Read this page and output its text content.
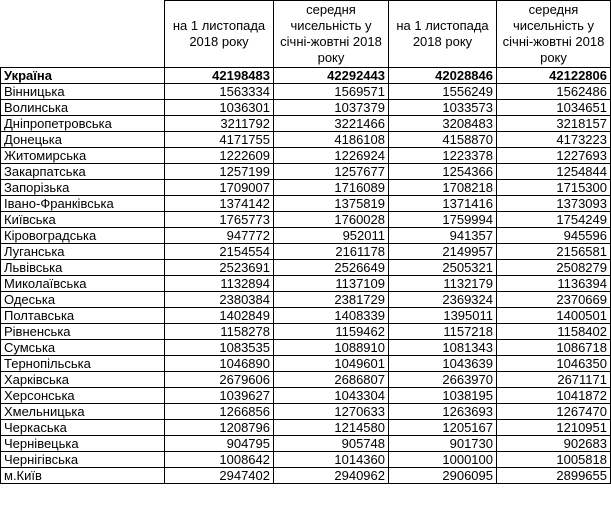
	на 1 листопада 2018 року	середня чисельність у січні-жовтні 2018 року	на 1 листопада 2018 року	середня чисельність у січні-жовтні 2018 року
Україна	42198483	42292443	42028846	42122806
Вінницька	1563334	1569571	1556249	1562486
Волинська	1036301	1037379	1033573	1034651
Дніпропетровська	3211792	3221466	3208483	3218157
Донецька	4171755	4186108	4158870	4173223
Житомирська	1222609	1226924	1223378	1227693
Закарпатська	1257199	1257677	1254366	1254844
Запорізька	1709007	1716089	1708218	1715300
Івано-Франківська	1374142	1375819	1371416	1373093
Київська	1765773	1760028	1759994	1754249
Кіровоградська	947772	952011	941357	945596
Луганська	2154554	2161178	2149957	2156581
Львівська	2523691	2526649	2505321	2508279
Миколаївська	1132894	1137109	1132179	1136394
Одеська	2380384	2381729	2369324	2370669
Полтавська	1402849	1408339	1395011	1400501
Рівненська	1158278	1159462	1157218	1158402
Сумська	1083535	1088910	1081343	1086718
Тернопільська	1046890	1049601	1043639	1046350
Харківська	2679606	2686807	2663970	2671171
Херсонська	1039627	1043304	1038195	1041872
Хмельницька	1266856	1270633	1263693	1267470
Черкаська	1208796	1214580	1205167	1210951
Чернівецька	904795	905748	901730	902683
Чернігівська	1008642	1014360	1000100	1005818
м.Київ	2947402	2940962	2906095	2899655
